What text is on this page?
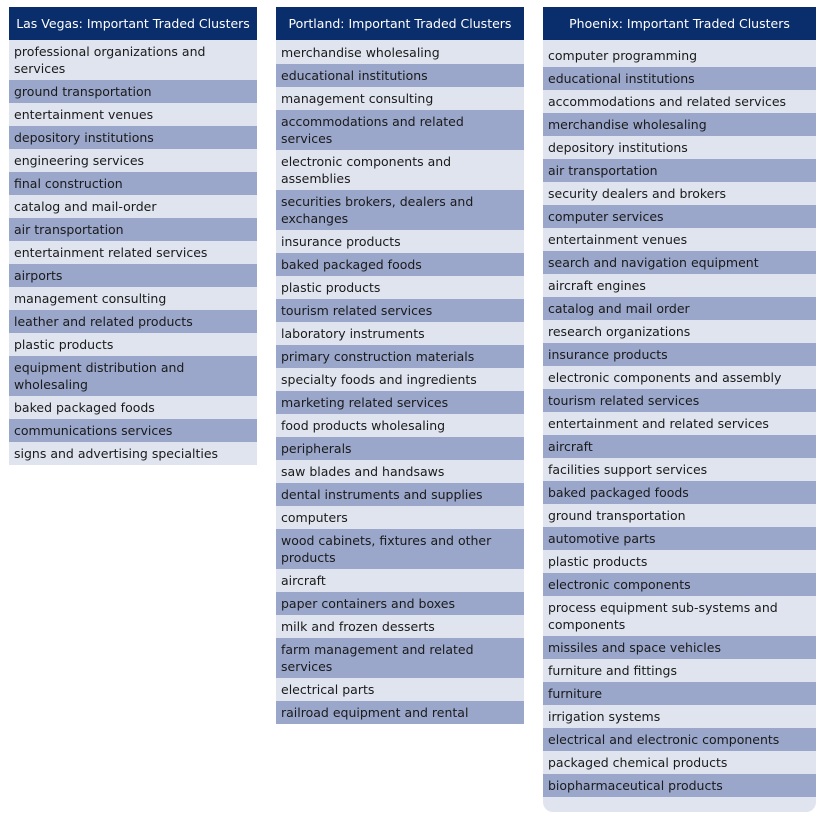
Las Vegas: Important Traded Clusters
professional organizations and services
ground transportation
entertainment venues
depository institutions
engineering services
final construction
catalog and mail-order
air transportation
entertainment related services
airports
management consulting
leather and related products
plastic products
equipment distribution and wholesaling
baked packaged foods
communications services
signs and advertising specialties
Portland: Important Traded Clusters
merchandise wholesaling
educational institutions
management consulting
accommodations and related services
electronic components and assemblies
securities brokers, dealers and exchanges
insurance products
baked packaged foods
plastic products
tourism related services
laboratory instruments
primary construction materials
specialty foods and ingredients
marketing related services
food products wholesaling
peripherals
saw blades and handsaws
dental instruments and supplies
computers
wood cabinets, fixtures and other products
aircraft
paper containers and boxes
milk and frozen desserts
farm management and related services
electrical parts
railroad equipment and rental
Phoenix: Important Traded Clusters
computer programming
educational institutions
accommodations and related services
merchandise wholesaling
depository institutions
air transportation
security dealers and brokers
computer services
entertainment venues
search and navigation equipment
aircraft engines
catalog and mail order
research organizations
insurance products
electronic components and assembly
tourism related services
entertainment and related services
aircraft
facilities support services
baked packaged foods
ground transportation
automotive parts
plastic products
electronic components
process equipment sub-systems and components
missiles and space vehicles
furniture and fittings
furniture
irrigation systems
electrical and electronic components
packaged chemical products
biopharmaceutical products
